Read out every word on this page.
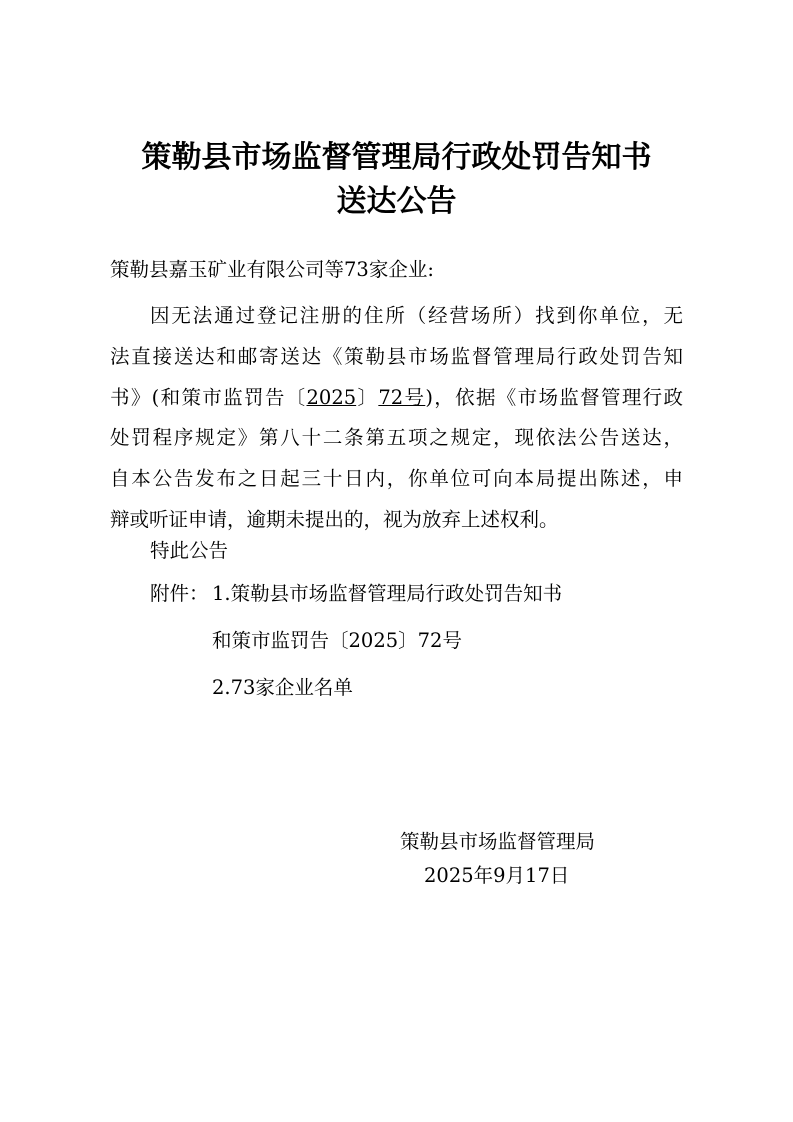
策勒县市场监督管理局行政处罚告知书
送达公告

策勒县嘉玉矿业有限公司等73家企业:

因无法通过登记注册的住所（经营场所）找到你单位，无

法直接送达和邮寄送达《策勒县市场监督管理局行政处罚告知

书》(和策市监罚告〔2025〕72号)，依据《市场监督管理行政

处罚程序规定》第八十二条第五项之规定，现依法公告送达，

自本公告发布之日起三十日内，你单位可向本局提出陈述，申

辩或听证申请，逾期未提出的，视为放弃上述权利。

特此公告

附件： 1.策勒县市场监督管理局行政处罚告知书

和策市监罚告〔2025〕72号

2.73家企业名单

策勒县市场监督管理局
2025年9月17日
